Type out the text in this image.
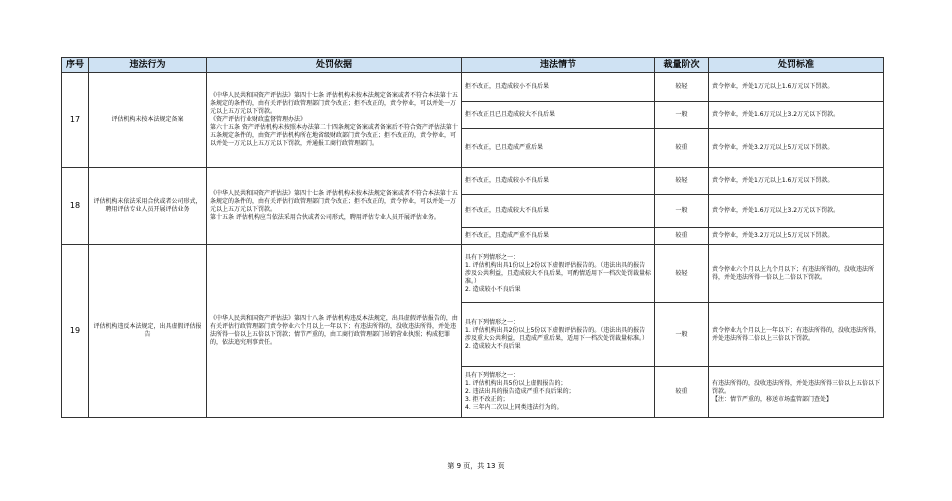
序号	违法行为	处罚依据	违法情节	裁量阶次	处罚标准
17	评估机构未按本法规定备案	《中华人民共和国资产评估法》第四十七条 评估机构未按本法规定备案或者不符合本法第十五条规定的条件的，由有关评估行政管理部门责令改正；拒不改正的，责令停业，可以并处一万元以上五万元以下罚款。
《资产评估行业财政监督管理办法》
第六十五条 资产评估机构未按照本办法第二十四条规定备案或者备案后不符合资产评估法第十五条规定条件的，由资产评估机构所在地省级财政部门责令改正；拒不改正的，责令停业，可以并处一万元以上五万元以下罚款，并通报工商行政管理部门。	拒不改正，且造成较小不良后果	较轻	责令停业，并处1万元以上1.6万元以下罚款。
			拒不改正且已且造成较大不良后果	一般	责令停业，并处1.6万元以上3.2万元以下罚款。
			拒不改正，已且造成严重后果	较重	责令停业，并处3.2万元以上5万元以下罚款。
18	评估机构未依法采用合伙或者公司形式，聘用评估专业人员开展评估业务	《中华人民共和国资产评估法》第四十七条 评估机构未按本法规定备案或者不符合本法第十五条规定的条件的，由有关评估行政管理部门责令改正；拒不改正的，责令停业，可以并处一万元以上五万元以下罚款。
第十五条 评估机构应当依法采用合伙或者公司形式，聘用评估专业人员开展评估业务。	拒不改正，且造成较小不良后果	较轻	责令停业，并处1万元以上1.6万元以下罚款。
			拒不改正，且造成较大不良后果	一般	责令停业，并处1.6万元以上3.2万元以下罚款。
			拒不改正，且造成严重不良后果	较重	责令停业，并处3.2万元以上5万元以下罚款。
19	评估机构违反本法规定，出具虚假评估报告	《中华人民共和国资产评估法》第四十八条 评估机构违反本法规定，出具虚假评估报告的，由有关评估行政管理部门责令停业六个月以上一年以下；有违法所得的，没收违法所得，并处违法所得一倍以上五倍以下罚款；情节严重的，由工商行政管理部门吊销营业执照；构成犯罪的，依法追究刑事责任。	具有下列情形之一：
1. 评估机构出具1份以上2份以下虚假评估报告的。（违法出具的报告涉及公共利益，且造成较大不良后果，可酌情适用下一档次处罚裁量标准。）
2. 造成较小不良后果	较轻	责令停业六个月以上九个月以下；有违法所得的，没收违法所得，并处违法所得一倍以上二倍以下罚款。
			具有下列情形之一：
1. 评估机构出具2份以上5份以下虚假评估报告的。（违法出具的报告涉及重大公共利益，且造成严重后果，适用下一档次处罚裁量标准。）
2. 造成较大不良后果	一般	责令停业九个月以上一年以下；有违法所得的，没收违法所得，并处违法所得二倍以上三倍以下罚款。
			具有下列情形之一：
1. 评估机构出具5份以上虚假报告的；
2. 违法出具的报告造成严重不良后果的；
3. 拒不改正的；
4. 三年内二次以上同类违法行为的。	较重	有违法所得的，没收违法所得，并处违法所得三倍以上五倍以下罚款。
【注：情节严重的，移送市场监管部门查处】
第 9 页，共 13 页
